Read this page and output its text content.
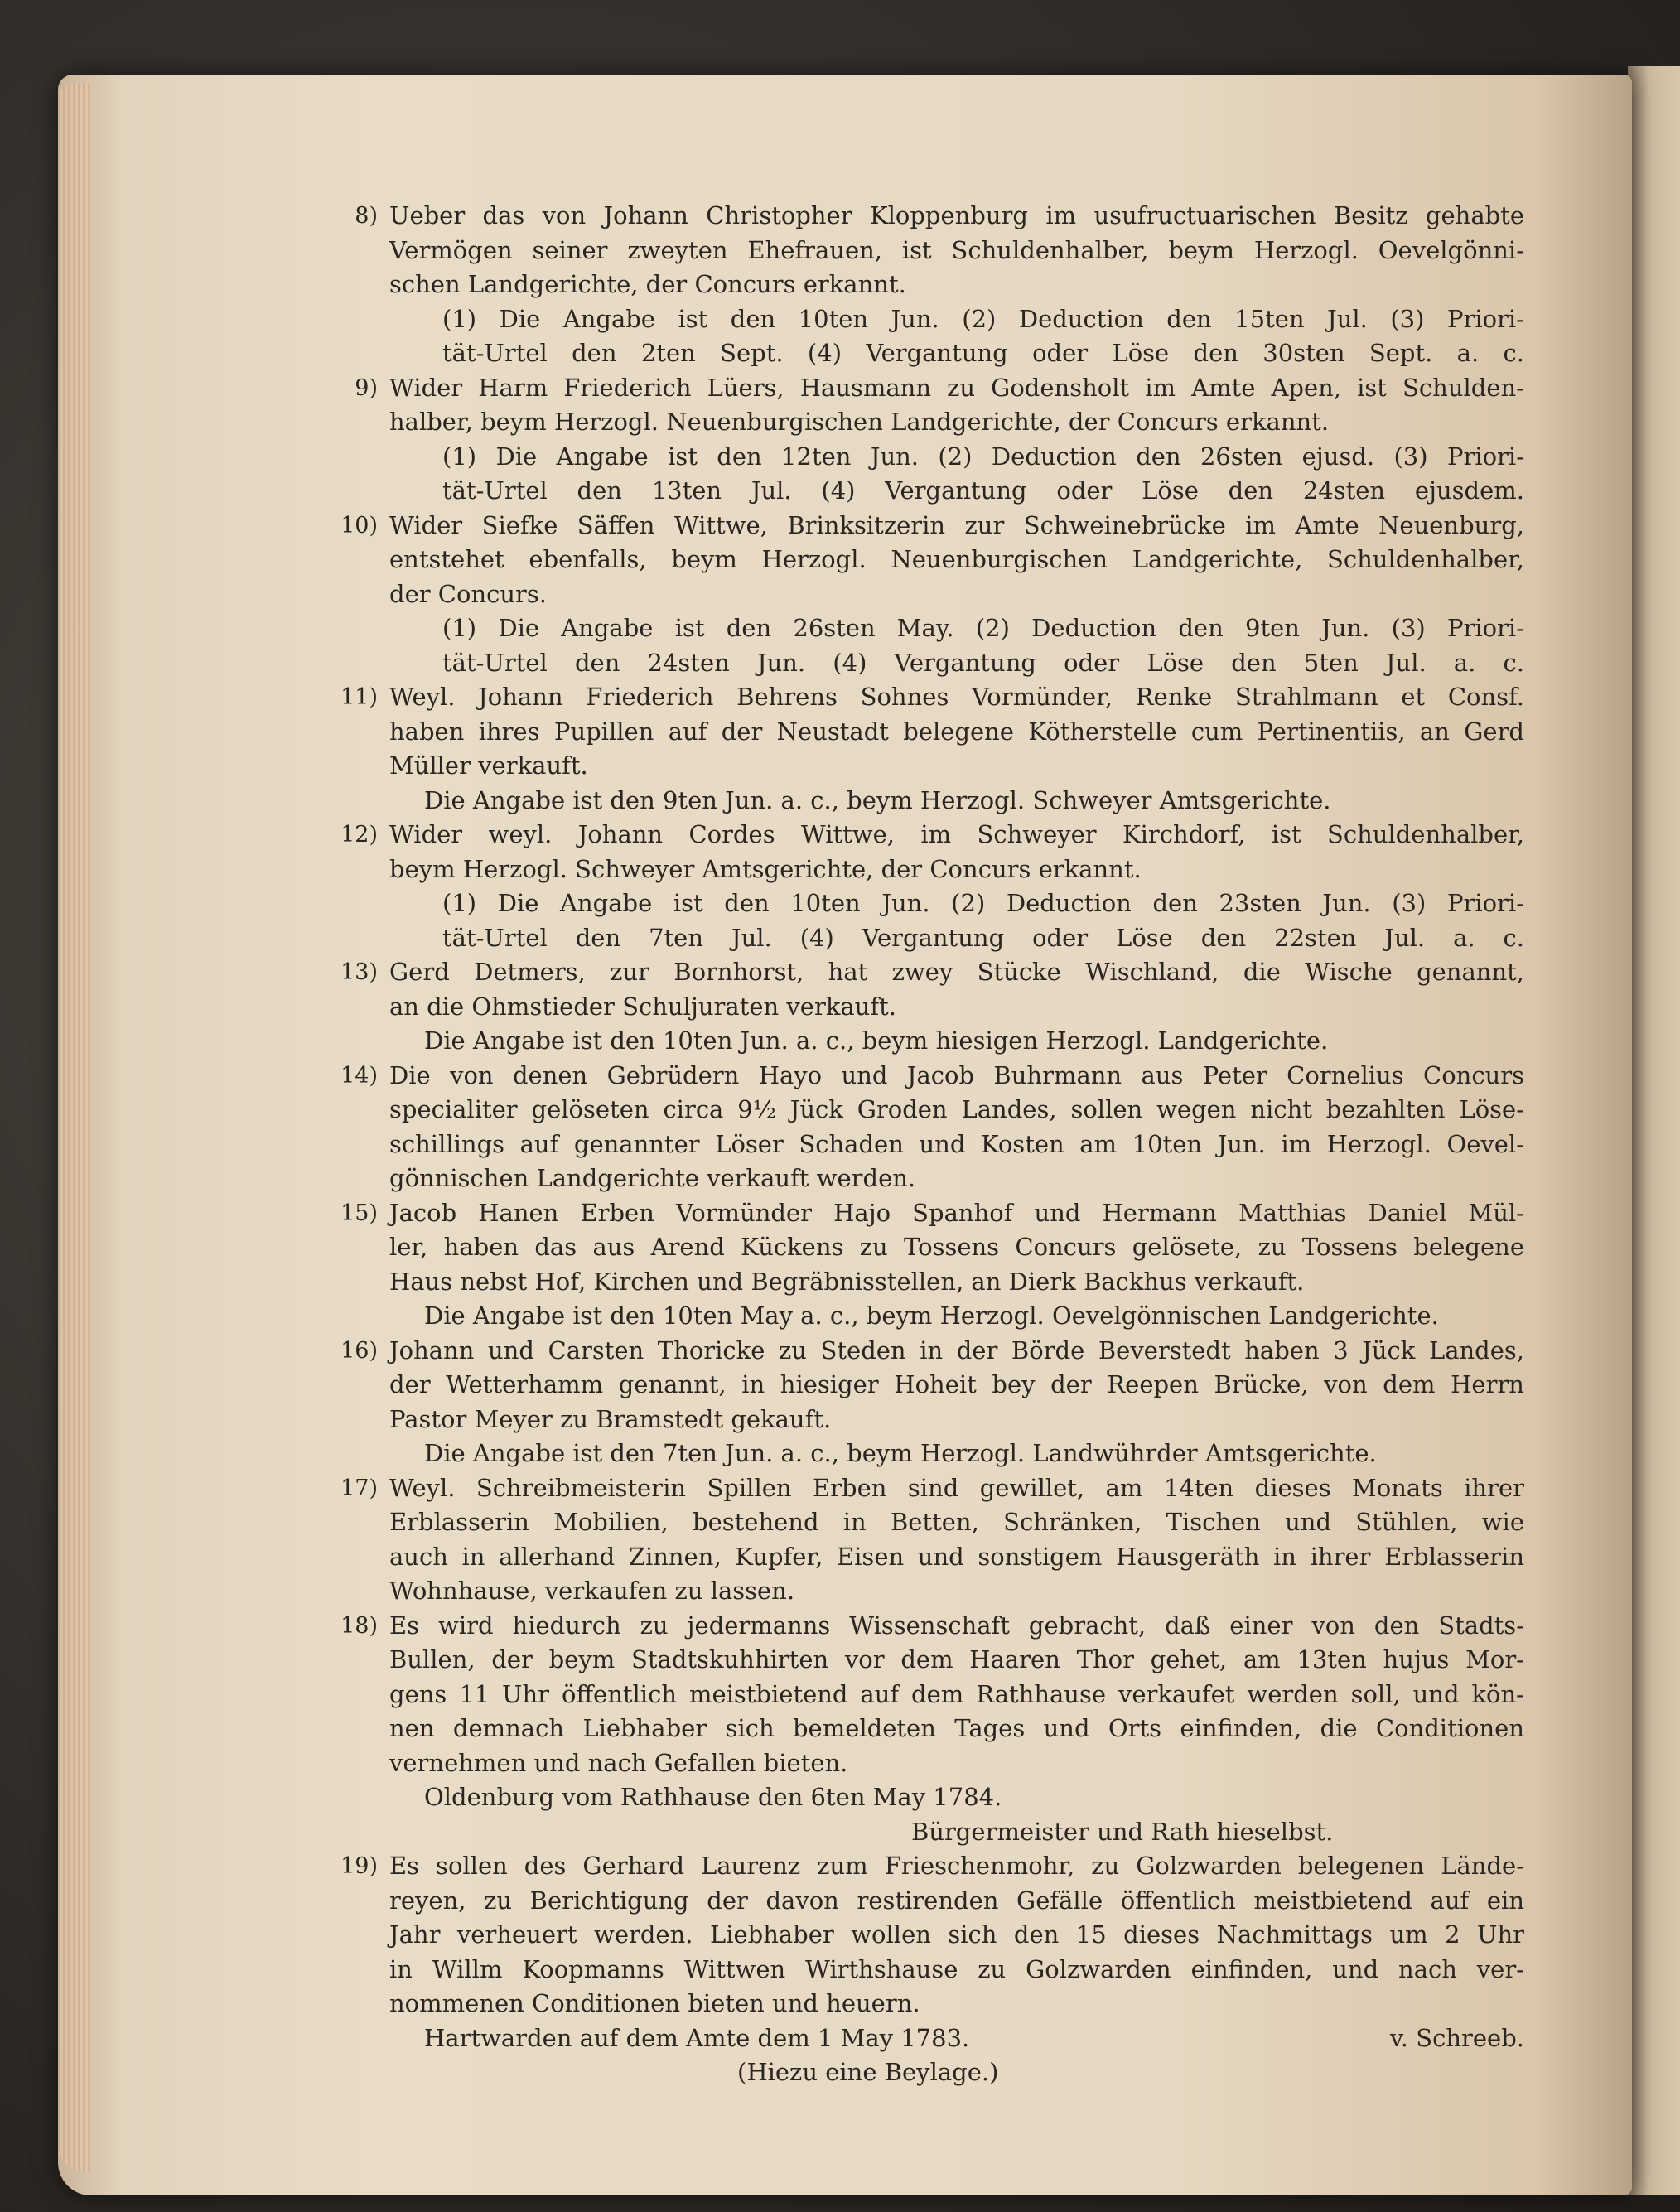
8) Ueber das von Johann Christopher Kloppenburg im usufructuarischen Besitz gehabte
Vermögen seiner zweyten Ehefrauen, ist Schuldenhalber, beym Herzogl. Oevelgönni-
schen Landgerichte, der Concurs erkannt.
(1) Die Angabe ist den 10ten Jun. (2) Deduction den 15ten Jul. (3) Priori-
tät-Urtel den 2ten Sept. (4) Vergantung oder Löse den 30sten Sept. a. c.
9) Wider Harm Friederich Lüers, Hausmann zu Godensholt im Amte Apen, ist Schulden-
halber, beym Herzogl. Neuenburgischen Landgerichte, der Concurs erkannt.
(1) Die Angabe ist den 12ten Jun. (2) Deduction den 26sten ejusd. (3) Priori-
tät-Urtel den 13ten Jul. (4) Vergantung oder Löse den 24sten ejusdem.
10) Wider Siefke Säffen Wittwe, Brinksitzerin zur Schweinebrücke im Amte Neuenburg,
entstehet ebenfalls, beym Herzogl. Neuenburgischen Landgerichte, Schuldenhalber,
der Concurs.
(1) Die Angabe ist den 26sten May. (2) Deduction den 9ten Jun. (3) Priori-
tät-Urtel den 24sten Jun. (4) Vergantung oder Löse den 5ten Jul. a. c.
11) Weyl. Johann Friederich Behrens Sohnes Vormünder, Renke Strahlmann et Consf.
haben ihres Pupillen auf der Neustadt belegene Kötherstelle cum Pertinentiis, an Gerd
Müller verkauft.
Die Angabe ist den 9ten Jun. a. c., beym Herzogl. Schweyer Amtsgerichte.
12) Wider weyl. Johann Cordes Wittwe, im Schweyer Kirchdorf, ist Schuldenhalber,
beym Herzogl. Schweyer Amtsgerichte, der Concurs erkannt.
(1) Die Angabe ist den 10ten Jun. (2) Deduction den 23sten Jun. (3) Priori-
tät-Urtel den 7ten Jul. (4) Vergantung oder Löse den 22sten Jul. a. c.
13) Gerd Detmers, zur Bornhorst, hat zwey Stücke Wischland, die Wische genannt,
an die Ohmstieder Schuljuraten verkauft.
Die Angabe ist den 10ten Jun. a. c., beym hiesigen Herzogl. Landgerichte.
14) Die von denen Gebrüdern Hayo und Jacob Buhrmann aus Peter Cornelius Concurs
specialiter gelöseten circa 9½ Jück Groden Landes, sollen wegen nicht bezahlten Löse-
schillings auf genannter Löser Schaden und Kosten am 10ten Jun. im Herzogl. Oevel-
gönnischen Landgerichte verkauft werden.
15) Jacob Hanen Erben Vormünder Hajo Spanhof und Hermann Matthias Daniel Mül-
ler, haben das aus Arend Kückens zu Tossens Concurs gelösete, zu Tossens belegene
Haus nebst Hof, Kirchen und Begräbnisstellen, an Dierk Backhus verkauft.
Die Angabe ist den 10ten May a. c., beym Herzogl. Oevelgönnischen Landgerichte.
16) Johann und Carsten Thoricke zu Steden in der Börde Beverstedt haben 3 Jück Landes,
der Wetterhamm genannt, in hiesiger Hoheit bey der Reepen Brücke, von dem Herrn
Pastor Meyer zu Bramstedt gekauft.
Die Angabe ist den 7ten Jun. a. c., beym Herzogl. Landwührder Amtsgerichte.
17) Weyl. Schreibmeisterin Spillen Erben sind gewillet, am 14ten dieses Monats ihrer
Erblasserin Mobilien, bestehend in Betten, Schränken, Tischen und Stühlen, wie
auch in allerhand Zinnen, Kupfer, Eisen und sonstigem Hausgeräth in ihrer Erblasserin
Wohnhause, verkaufen zu lassen.
18) Es wird hiedurch zu jedermanns Wissenschaft gebracht, daß einer von den Stadts-
Bullen, der beym Stadtskuhhirten vor dem Haaren Thor gehet, am 13ten hujus Mor-
gens 11 Uhr öffentlich meistbietend auf dem Rathhause verkaufet werden soll, und kön-
nen demnach Liebhaber sich bemeldeten Tages und Orts einfinden, die Conditionen
vernehmen und nach Gefallen bieten.
Oldenburg vom Rathhause den 6ten May 1784.
Bürgermeister und Rath hieselbst.
19) Es sollen des Gerhard Laurenz zum Frieschenmohr, zu Golzwarden belegenen Lände-
reyen, zu Berichtigung der davon restirenden Gefälle öffentlich meistbietend auf ein
Jahr verheuert werden. Liebhaber wollen sich den 15 dieses Nachmittags um 2 Uhr
in Willm Koopmanns Wittwen Wirthshause zu Golzwarden einfinden, und nach ver-
nommenen Conditionen bieten und heuern.
Hartwarden auf dem Amte dem 1 May 1783.	v. Schreeb.
(Hiezu eine Beylage.)
